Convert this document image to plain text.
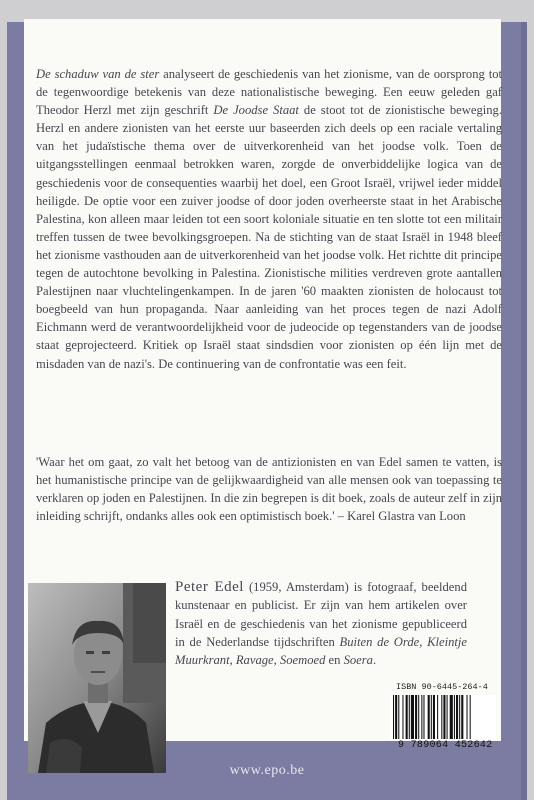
De schaduw van de ster analyseert de geschiedenis van het zionisme, van de oorsprong tot de tegenwoordige betekenis van deze nationalistische beweging. Een eeuw geleden gaf Theodor Herzl met zijn geschrift De Joodse Staat de stoot tot de zionistische beweging. Herzl en andere zionisten van het eerste uur baseerden zich deels op een raciale vertaling van het judaïstische thema over de uitverkorenheid van het joodse volk. Toen de uitgangsstellingen eenmaal betrokken waren, zorgde de onverbiddelijke logica van de geschiedenis voor de consequenties waarbij het doel, een Groot Israël, vrijwel ieder middel heiligde. De optie voor een zuiver joodse of door joden overheerste staat in het Arabische Palestina, kon alleen maar leiden tot een soort koloniale situatie en ten slotte tot een militair treffen tussen de twee bevolkingsgroepen. Na de stichting van de staat Israël in 1948 bleef het zionisme vasthouden aan de uitverkorenheid van het joodse volk. Het richtte dit principe tegen de autochtone bevolking in Palestina. Zionistische milities verdreven grote aantallen Palestijnen naar vluchtelingenkampen. In de jaren '60 maakten zionisten de holocaust tot boegbeeld van hun propaganda. Naar aanleiding van het proces tegen de nazi Adolf Eichmann werd de verantwoordelijkheid voor de judeocide op tegenstanders van de joodse staat geprojecteerd. Kritiek op Israël staat sindsdien voor zionisten op één lijn met de misdaden van de nazi's. De continuering van de confrontatie was een feit.
'Waar het om gaat, zo valt het betoog van de antizionisten en van Edel samen te vatten, is het humanistische principe van de gelijkwaardigheid van alle mensen ook van toepassing te verklaren op joden en Palestijnen. In die zin begrepen is dit boek, zoals de auteur zelf in zijn inleiding schrijft, ondanks alles ook een optimistisch boek.' – Karel Glastra van Loon
Peter Edel (1959, Amsterdam) is fotograaf, beeldend kunstenaar en publicist. Er zijn van hem artikelen over Israël en de geschiedenis van het zionisme gepubliceerd in de Nederlandse tijdschriften Buiten de Orde, Kleintje Muurkrant, Ravage, Soemoed en Soera.
ISBN 90-6445-264-4
9 789064 452642
www.epo.be
